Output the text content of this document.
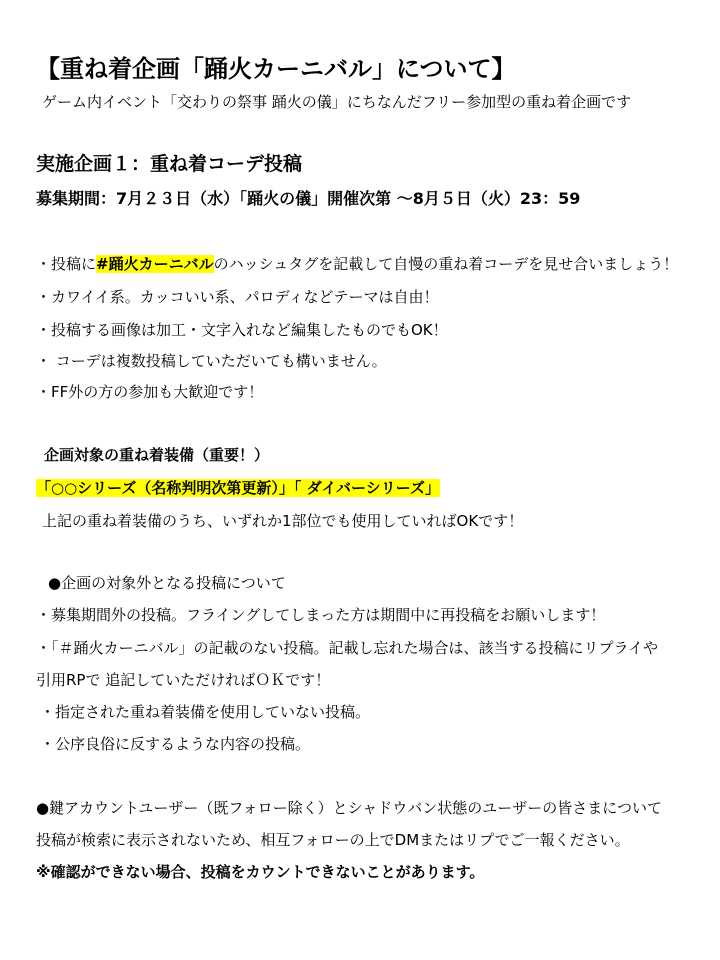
【重ね着企画「踊火カーニバル」について】
ゲーム内イベント「交わりの祭事 踊火の儀」にちなんだフリー参加型の重ね着企画です
実施企画１：重ね着コーデ投稿
募集期間：7月２３日（水）「踊火の儀」開催次第 〜8月５日（火）23：59
・投稿に#踊火カーニバルのハッシュタグを記載して自慢の重ね着コーデを見せ合いましょう！
・カワイイ系。カッコいい系、パロディなどテーマは自由！
・投稿する画像は加工・文字入れなど編集したものでもOK！
・ コーデは複数投稿していただいても構いません。
・FF外の方の参加も大歓迎です！
企画対象の重ね着装備（重要！）
「○○シリーズ（名称判明次第更新）」「 ダイバーシリーズ」
上記の重ね着装備のうち、いずれか1部位でも使用していればOKです！
●企画の対象外となる投稿について
・募集期間外の投稿。フライングしてしまった方は期間中に再投稿をお願いします！
・「＃踊火カーニバル」の記載のない投稿。記載し忘れた場合は、該当する投稿にリプライや
引用RPで 追記していただければＯＫです！
・指定された重ね着装備を使用していない投稿。
・公序良俗に反するような内容の投稿。
●鍵アカウントユーザー（既フォロー除く）とシャドウバン状態のユーザーの皆さまについて
投稿が検索に表示されないため、相互フォローの上でDMまたはリプでご一報ください。
※確認ができない場合、投稿をカウントできないことがあります。
